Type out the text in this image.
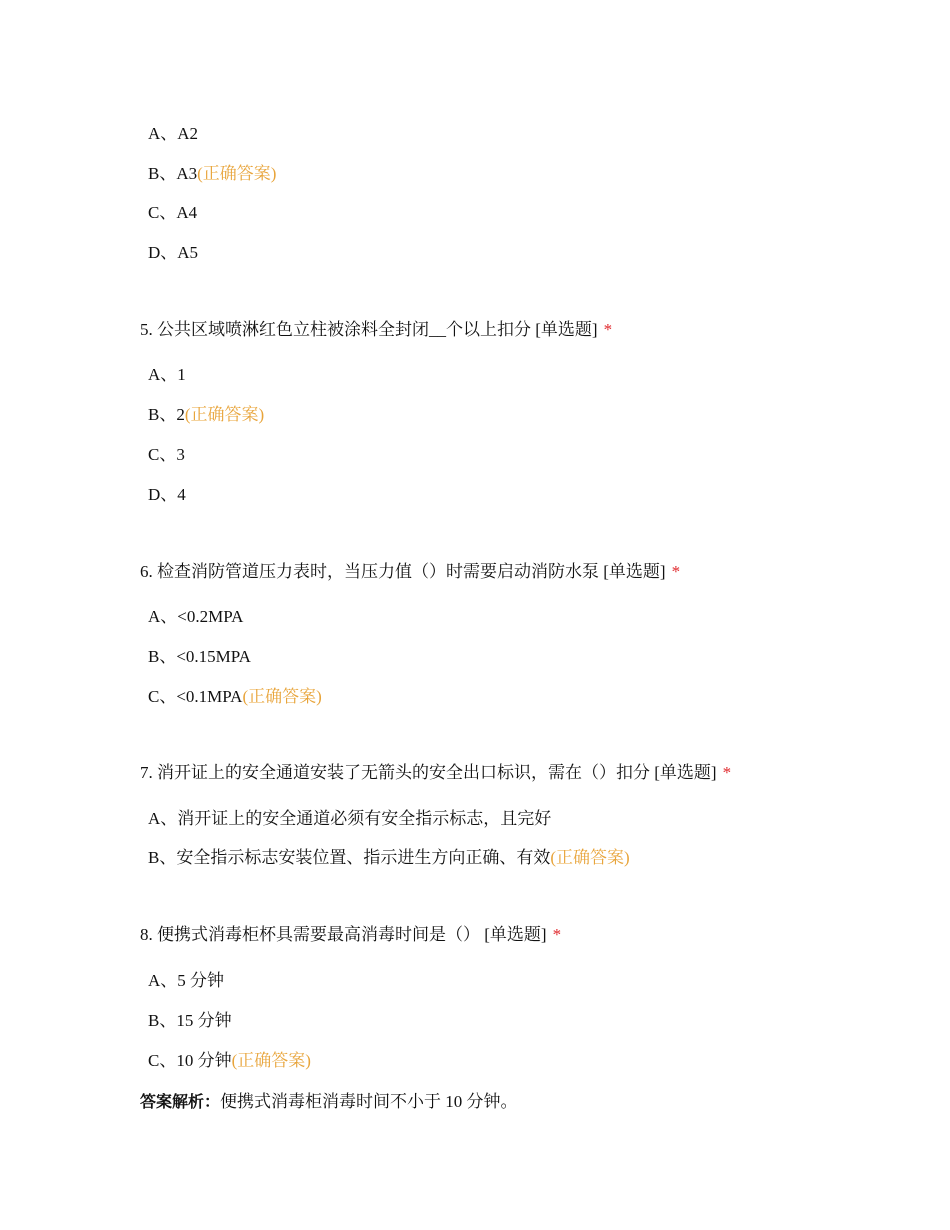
A、A2
B、A3(正确答案)
C、A4
D、A5
5. 公共区域喷淋红色立柱被涂料全封闭__个以上扣分 [单选题] *
A、1
B、2(正确答案)
C、3
D、4
6. 检查消防管道压力表时，当压力值（）时需要启动消防水泵 [单选题] *
A、<0.2MPA
B、<0.15MPA
C、<0.1MPA(正确答案)
7. 消开证上的安全通道安装了无箭头的安全出口标识，需在（）扣分 [单选题] *
A、消开证上的安全通道必须有安全指示标志，且完好
B、安全指示标志安装位置、指示进生方向正确、有效(正确答案)
8. 便携式消毒柜杯具需要最高消毒时间是（） [单选题] *
A、5 分钟
B、15 分钟
C、10 分钟(正确答案)
答案解析：便携式消毒柜消毒时间不小于 10 分钟。
